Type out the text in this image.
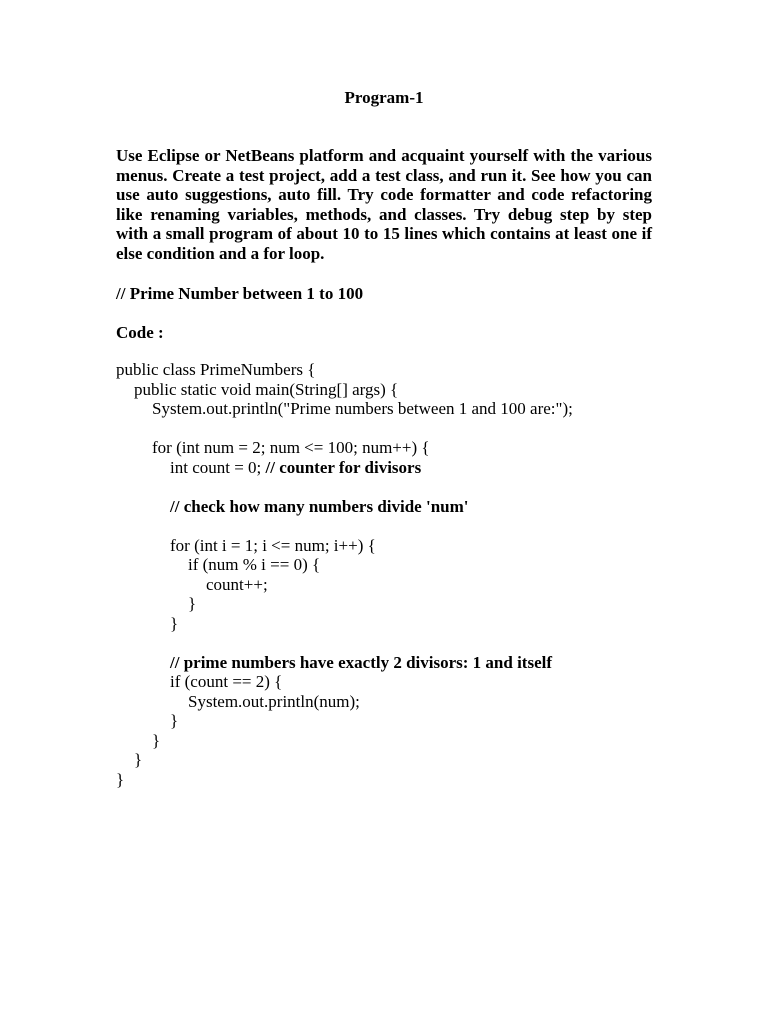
Program-1

Use Eclipse or NetBeans platform and acquaint yourself with the various menus. Create a test project, add a test class, and run it. See how you can use auto suggestions, auto fill. Try code formatter and code refactoring like renaming variables, methods, and classes. Try debug step by step with a small program of about 10 to 15 lines which contains at least one if else condition and a for loop.

// Prime Number between 1 to 100
Code :
public class PrimeNumbers {
public static void main(String[] args) {
System.out.println("Prime numbers between 1 and 100 are:");
for (int num = 2; num <= 100; num++) {
int count = 0; // counter for divisors
// check how many numbers divide 'num'
for (int i = 1; i <= num; i++) {
if (num % i == 0) {
count++;
}
}
// prime numbers have exactly 2 divisors: 1 and itself
if (count == 2) {
System.out.println(num);
}
}
}
}
